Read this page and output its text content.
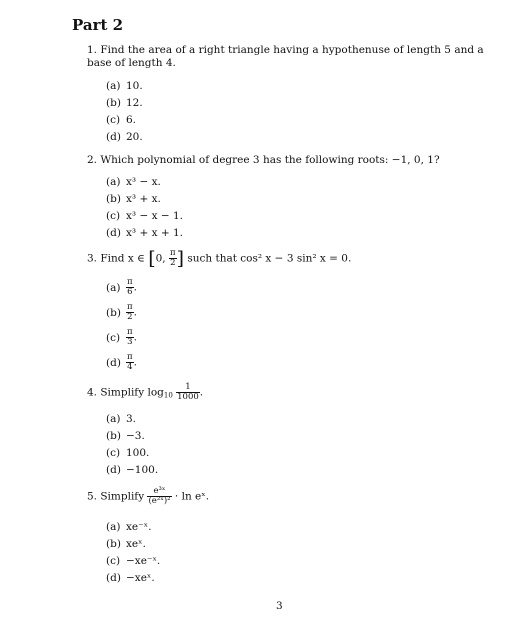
Part 2
1. Find the area of a right triangle having a hypothenuse of length 5 and a base of length 4.
(a) 10.
(b) 12.
(c) 6.
(d) 20.
2. Which polynomial of degree 3 has the following roots: −1, 0, 1?
(a) x³ − x.
(b) x³ + x.
(c) x³ − x − 1.
(d) x³ + x + 1.
3. Find x ∈ [0, $\frac{\pi}{2}$ ] such that cos² x − 3 sin² x = 0.
$(a) \frac{\pi}{6}$ .
$(b) \frac{\pi}{2}$ .
$(c) \frac{\pi}{3}$ .
$(d) \frac{\pi}{4}$ .
4. Simplify $\log_{10} \frac{1}{1000}$ .
(a) 3.
(b) −3.
(c) 100.
(d) −100.
5. Simplify $\frac{\text{e³ˣ}}{\text{(e²ˣ)²}} \cdot \ln$ eˣ.
(a) xe⁻ˣ.
(b) xeˣ.
(c) −xe⁻ˣ.
(d) −xeˣ.
3
